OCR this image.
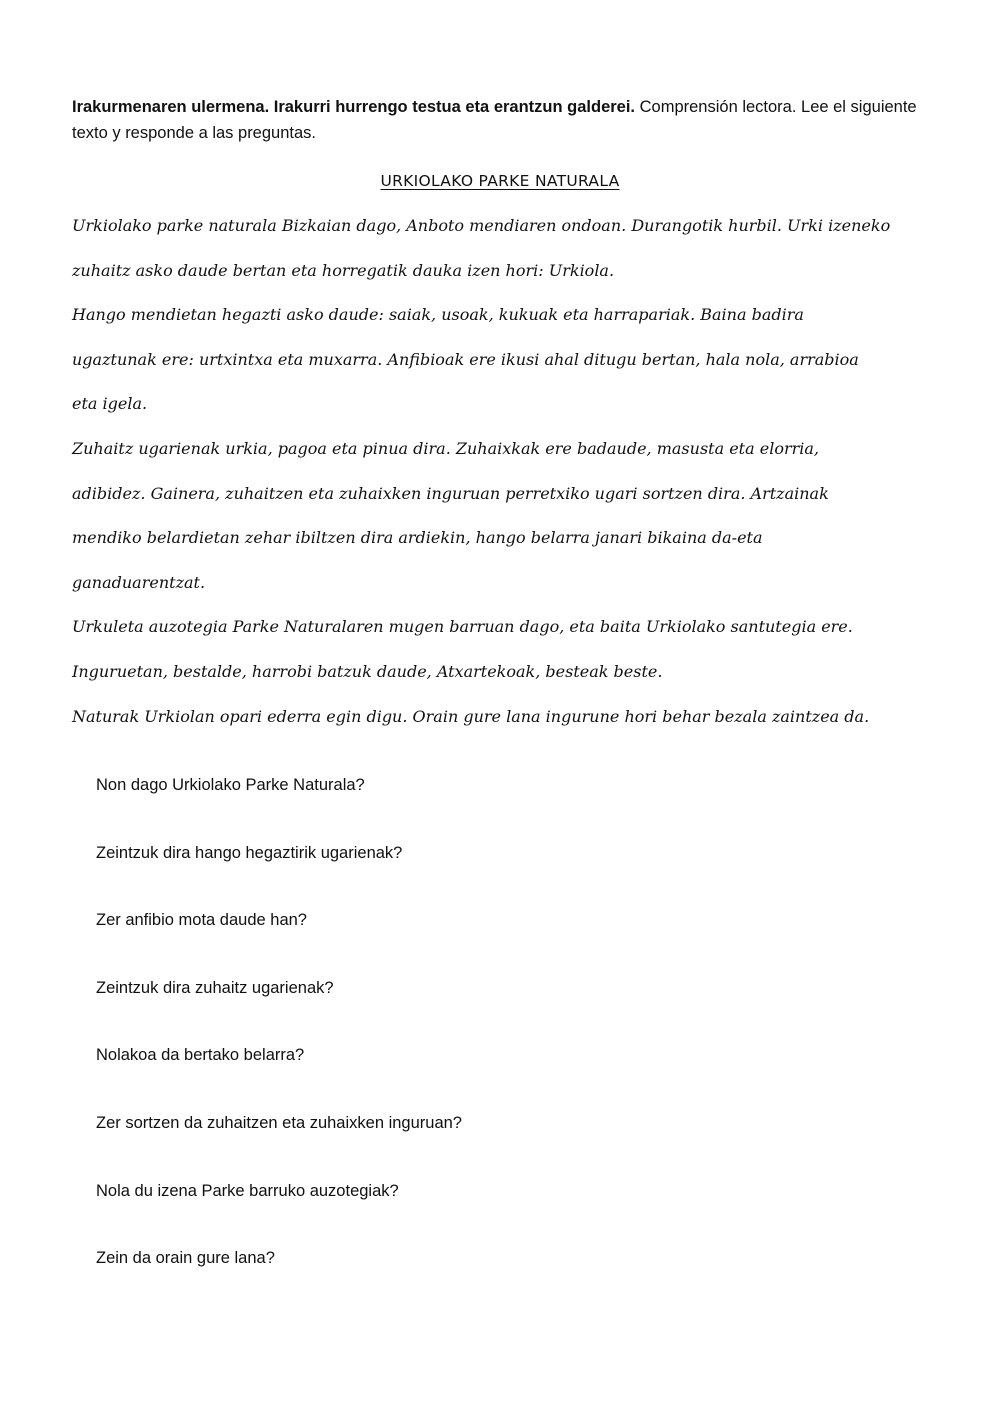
Irakurmenaren ulermena. Irakurri hurrengo testua eta erantzun galderei. Comprensión lectora. Lee el siguiente texto y responde a las preguntas.
URKIOLAKO PARKE NATURALA
Urkiolako parke naturala Bizkaian dago, Anboto mendiaren ondoan. Durangotik hurbil. Urki izeneko
zuhaitz asko daude bertan eta horregatik dauka izen hori: Urkiola.
Hango mendietan hegazti asko daude: saiak, usoak, kukuak eta harrapariak. Baina badira
ugaztunak ere: urtxintxa eta muxarra. Anfibioak ere ikusi ahal ditugu bertan, hala nola, arrabioa
eta igela.
Zuhaitz ugarienak urkia, pagoa eta pinua dira. Zuhaixkak ere badaude, masusta eta elorria,
adibidez. Gainera, zuhaitzen eta zuhaixken inguruan perretxiko ugari sortzen dira. Artzainak
mendiko belardietan zehar ibiltzen dira ardiekin, hango belarra janari bikaina da-eta
ganaduarentzat.
Urkuleta auzotegia Parke Naturalaren mugen barruan dago, eta baita Urkiolako santutegia ere.
Inguruetan, bestalde, harrobi batzuk daude, Atxartekoak, besteak beste.
Naturak Urkiolan opari ederra egin digu. Orain gure lana ingurune hori behar bezala zaintzea da.
Non dago Urkiolako Parke Naturala?
Zeintzuk dira hango hegaztirik ugarienak?
Zer anfibio mota daude han?
Zeintzuk dira zuhaitz ugarienak?
Nolakoa da bertako belarra?
Zer sortzen da zuhaitzen eta zuhaixken inguruan?
Nola du izena Parke barruko auzotegiak?
Zein da orain gure lana?
